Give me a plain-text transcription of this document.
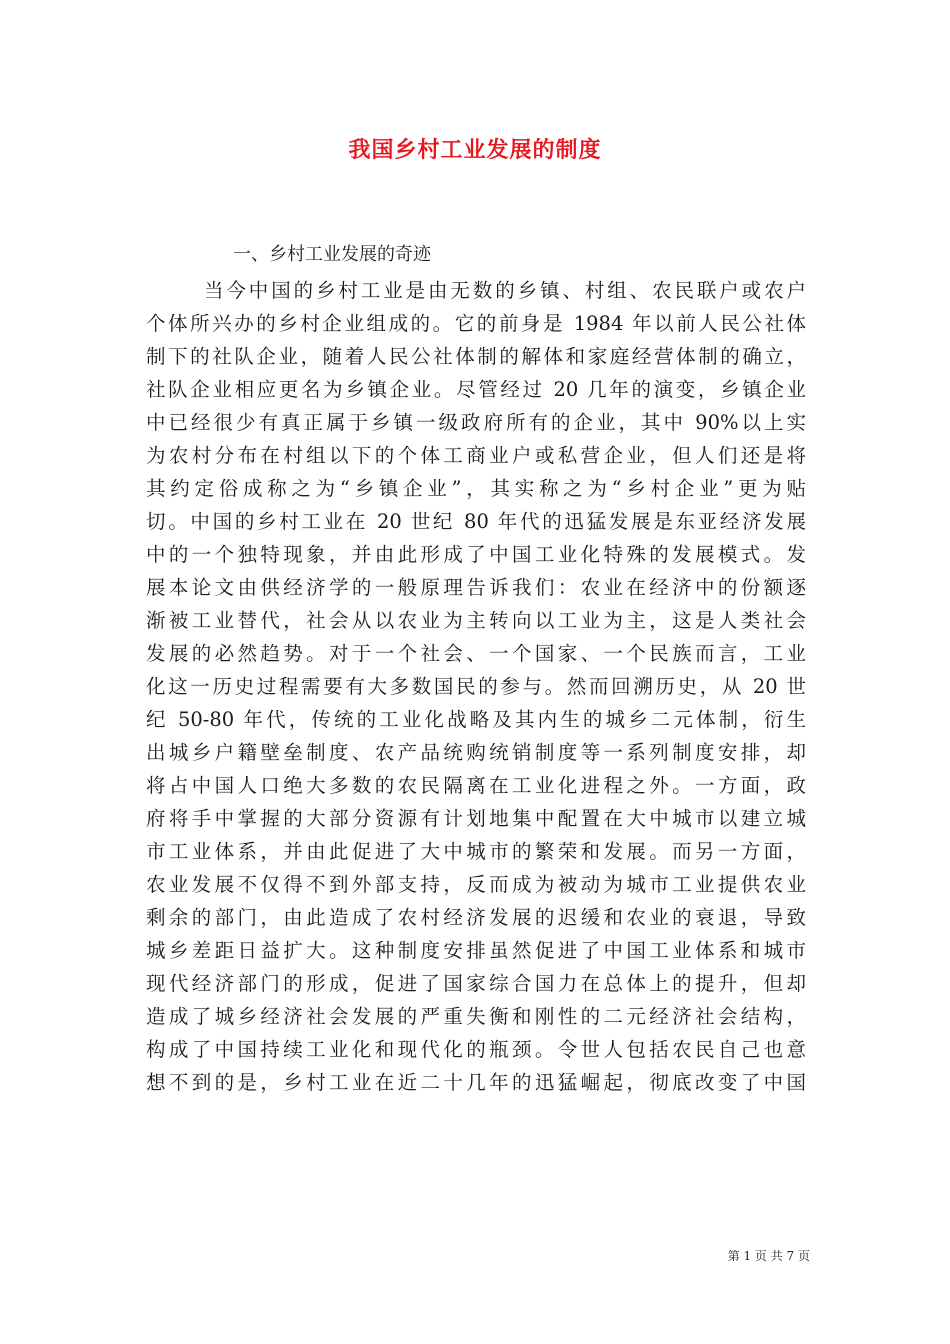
我国乡村工业发展的制度
一、乡村工业发展的奇迹
当今中国的乡村工业是由无数的乡镇、村组、农民联户或农户
个体所兴办的乡村企业组成的。它的前身是 1984 年以前人民公社体
制下的社队企业，随着人民公社体制的解体和家庭经营体制的确立，
社队企业相应更名为乡镇企业。尽管经过 20 几年的演变，乡镇企业
中已经很少有真正属于乡镇一级政府所有的企业，其中 90%以上实
为农村分布在村组以下的个体工商业户或私营企业，但人们还是将
其约定俗成称之为“乡镇企业”，其实称之为“乡村企业”更为贴
切。中国的乡村工业在 20 世纪 80 年代的迅猛发展是东亚经济发展
中的一个独特现象，并由此形成了中国工业化特殊的发展模式。发
展本论文由供经济学的一般原理告诉我们：农业在经济中的份额逐
渐被工业替代，社会从以农业为主转向以工业为主，这是人类社会
发展的必然趋势。对于一个社会、一个国家、一个民族而言，工业
化这一历史过程需要有大多数国民的参与。然而回溯历史，从 20 世
纪 50-80 年代，传统的工业化战略及其内生的城乡二元体制，衍生
出城乡户籍壁垒制度、农产品统购统销制度等一系列制度安排，却
将占中国人口绝大多数的农民隔离在工业化进程之外。一方面，政
府将手中掌握的大部分资源有计划地集中配置在大中城市以建立城
市工业体系，并由此促进了大中城市的繁荣和发展。而另一方面，
农业发展不仅得不到外部支持，反而成为被动为城市工业提供农业
剩余的部门，由此造成了农村经济发展的迟缓和农业的衰退，导致
城乡差距日益扩大。这种制度安排虽然促进了中国工业体系和城市
现代经济部门的形成，促进了国家综合国力在总体上的提升，但却
造成了城乡经济社会发展的严重失衡和刚性的二元经济社会结构，
构成了中国持续工业化和现代化的瓶颈。令世人包括农民自己也意
想不到的是，乡村工业在近二十几年的迅猛崛起，彻底改变了中国
第 1 页 共 7 页
